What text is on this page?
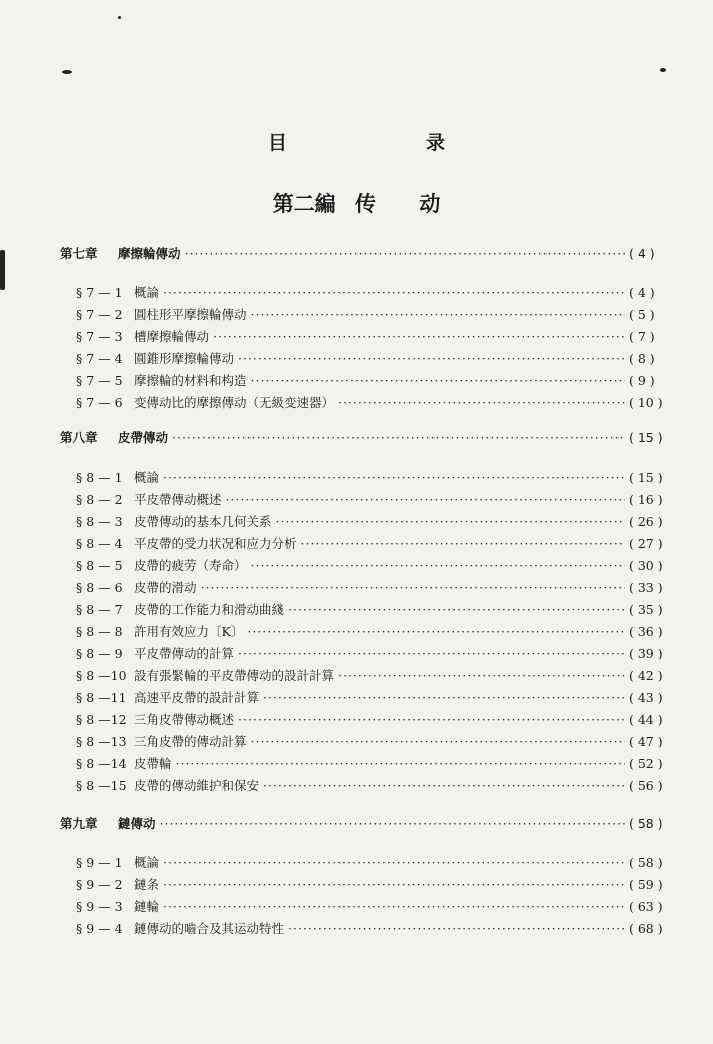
目　录
第二編 传 动
第七章	摩擦輪傳动 ·····	( 4 )
§ 7 — 1 概論 ·····	( 4 )
§ 7 — 2 圓柱形平摩擦輪傳动 ·····	( 5 )
§ 7 — 3 槽摩擦輪傳动 ·····	( 7 )
§ 7 — 4 圓錐形摩擦輪傳动 ·····	( 8 )
§ 7 — 5 摩擦輪的材料和构造 ·····	( 9 )
§ 7 — 6 变傳动比的摩擦傳动（无級变速器） ·····	( 10 )
第八章	皮帶傳动 ·····	( 15 )
§ 8 — 1 概論 ·····	( 15 )
§ 8 — 2 平皮帶傳动概述 ·····	( 16 )
§ 8 — 3 皮帶傳动的基本几何关系 ·····	( 26 )
§ 8 — 4 平皮帶的受力状况和应力分析 ·····	( 27 )
§ 8 — 5 皮帶的疲劳（寿命） ·····	( 30 )
§ 8 — 6 皮帶的滑动 ·····	( 33 )
§ 8 — 7 皮帶的工作能力和滑动曲綫 ·····	( 35 )
§ 8 — 8 許用有效应力〔K〕 ·····	( 36 )
§ 8 — 9 平皮帶傳动的計算 ·····	( 39 )
§ 8 —10 設有張緊輪的平皮帶傳动的設計計算 ·····	( 42 )
§ 8 —11 高速平皮帶的設計計算 ·····	( 43 )
§ 8 —12 三角皮帶傳动概述 ·····	( 44 )
§ 8 —13 三角皮帶的傳动計算 ·····	( 47 )
§ 8 —14 皮帶輪 ·····	( 52 )
§ 8 —15 皮帶的傳动維护和保安 ·····	( 56 )
第九章	鏈傳动 ·····	( 58 )
§ 9 — 1 概論 ·····	( 58 )
§ 9 — 2 鏈条 ·····	( 59 )
§ 9 — 3 鏈輪 ·····	( 63 )
§ 9 — 4 鏈傳动的嚙合及其运动特性 ·····	( 68 )
